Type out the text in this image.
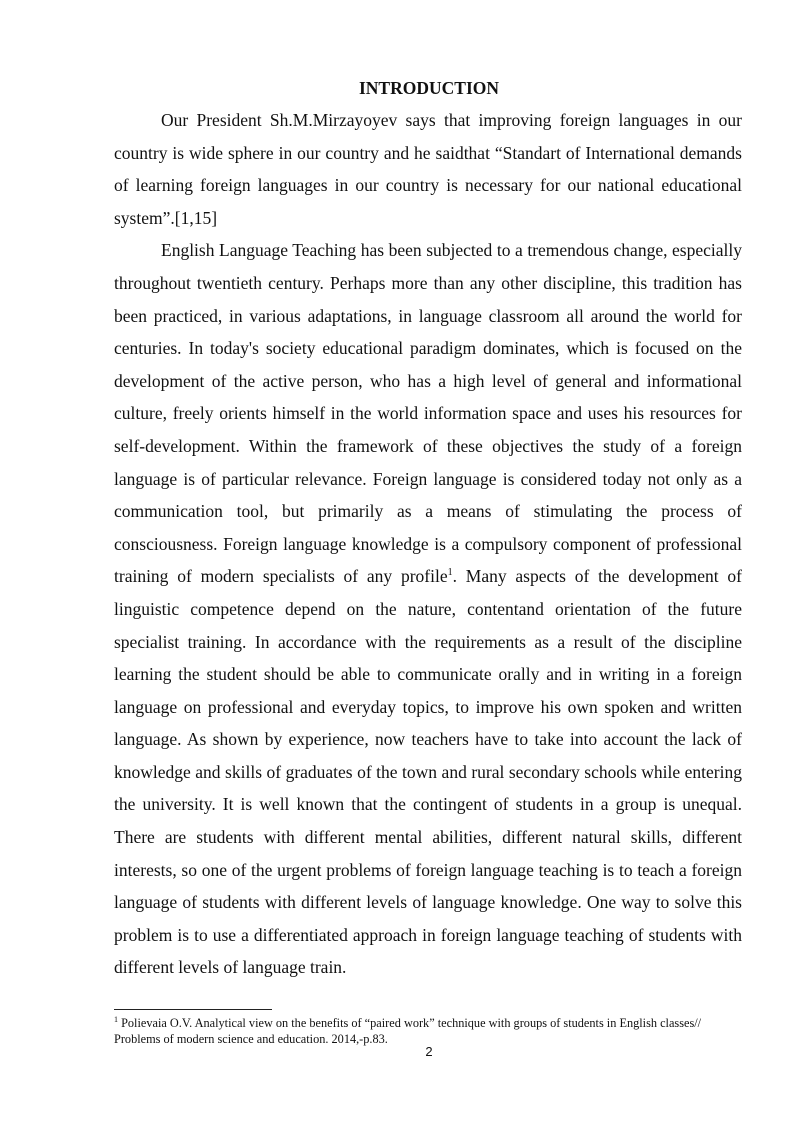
INTRODUCTION

Our President Sh.M.Mirzayoyev says that improving foreign languages in our country is wide sphere in our country and he saidthat “Standart of International demands of learning foreign languages in our country is necessary for our national educational system”.[1,15]

English Language Teaching has been subjected to a tremendous change, especially throughout twentieth century. Perhaps more than any other discipline, this tradition has been practiced, in various adaptations, in language classroom all around the world for centuries. In today's society educational paradigm dominates, which is focused on the development of the active person, who has a high level of general and informational culture, freely orients himself in the world information space and uses his resources for self-development. Within the framework of these objectives the study of a foreign language is of particular relevance. Foreign language is considered today not only as a communication tool, but primarily as a means of stimulating the process of consciousness. Foreign language knowledge is a compulsory component of professional training of modern specialists of any profile$^1$. Many aspects of the development of linguistic competence depend on the nature, contentand orientation of the future specialist training. In accordance with the requirements as a result of the discipline learning the student should be able to communicate orally and in writing in a foreign language on professional and everyday topics, to improve his own spoken and written language. As shown by experience, now teachers have to take into account the lack of knowledge and skills of graduates of the town and rural secondary schools while entering the university. It is well known that the contingent of students in a group is unequal. There are students with different mental abilities, different natural skills, different interests, so one of the urgent problems of foreign language teaching is to teach a foreign language of students with different levels of language knowledge. One way to solve this problem is to use a differentiated approach in foreign language teaching of students with different levels of language train.

$^1$ Polievaia O.V. Analytical view on the benefits of “paired work” technique with groups of students in English classes// Problems of modern science and education. 2014,-p.83.

2
